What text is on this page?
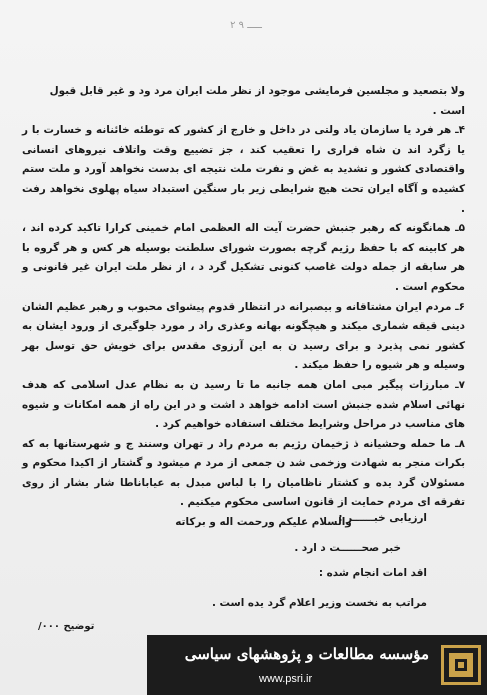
۲ ۹ ـــــ

ولا بتصعید و مجلسین فرمایشی موجود از نظر ملت ایران مرد ود و غیر قابل قبول است .

۴ـ هر فرد یا سازمان یاد ولتی در داخل و خارج از کشور که توطئه خائنانه و خسارت با ر یا زگرد اند ن شاه فراری را تعقیب کند ، جز تضییع وقت واتلاف نیروهای انسانی واقتصادی کشور و تشدید به غض و نفرت ملت نتیجه ای بدست نخواهد آورد و ملت ستم کشیده و آگاه ایران تحت هیچ شرایطی زیر بار سنگین استبداد سیاه پهلوی نخواهد رفت .

۵ـ همانگونه که رهبر جنبش حضرت آیت اله العظمی امام خمینی کرارا تاکید کرده اند ، هر کابینه که با حفظ رژیم گرچه بصورت شورای سلطنت بوسیله هر کس و هر گروه با هر سابقه از جمله دولت غاصب کنونی تشکیل گرد د ، از نظر ملت ایران غیر قانونی و محکوم است .

۶ـ مردم ایران مشتاقانه و بیصبرانه در انتظار قدوم پیشوای محبوب و رهبر عظیم الشان دینی قیقه شماری میکند و هیچگونه بهانه وعذری راد ر مورد جلوگیری از ورود ایشان به کشور نمی پذیرد و برای رسید ن به این آرزوی مقدس برای خویش حق توسل بهر وسیله و هر شیوه را حفظ میکند .

۷ـ مبارزات پیگیر مبی امان همه جانبه ما تا رسید ن به نظام عدل اسلامی که هدف نهائی اسلام شده جنبش است ادامه خواهد د اشت و در این راه از همه امکانات و شیوه های مناسب در مراحل وشرایط مختلف استفاده خواهیم کرد .

۸ـ ما حمله وحشیانه ذ ژخیمان رژیم به مردم راد ر تهران وسنند ج و شهرستانها به که بکرات منجر به شهادت وزخمی شد ن جمعی از مرد م میشود و گشتار از اکیدا محکوم و مسئولان گرد یده و کشتار ناظامیان را با لباس مبدل به عیاباناطا شار بشار از روی تفرقه ای مردم حمایت از قانون اساسی محکوم میکنیم .

والسلام علیکم ورحمت اله و برکاته

ارزیابی خبــــــر :
خبر صحــــــت د ارد .
اقد امات انجام شده :
مراتب به نخست وزیر اعلام گرد یده است .
توضیح ۰۰۰/
مؤسسه مطالعات و پژوهشهای سیاسی
www.psri.ir
